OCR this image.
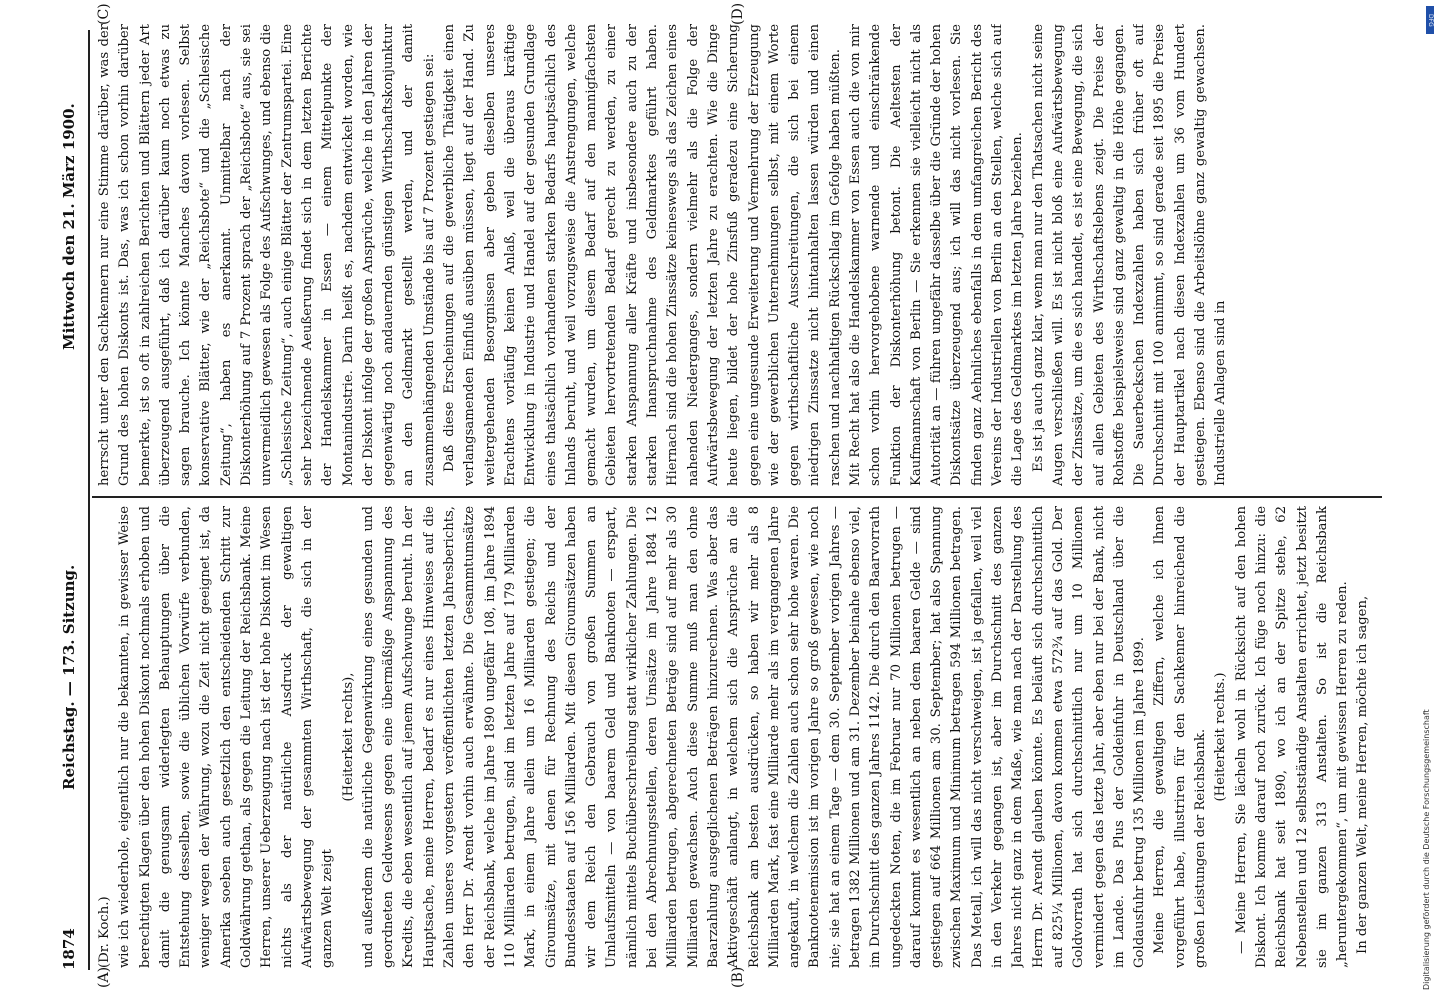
1874
Reichstag. — 173. Sitzung.
Mittwoch den 21. März 1900.
(A)	(B)
(C)	(D)

(Dr. Koch.) wie ich wiederhole, eigentlich nur die bekannten, in gewisser Weise berechtigten Klagen über den hohen Diskont nochmals erhoben und damit die genugsam widerlegten Behauptungen über die Entstehung desselben, sowie die üblichen Vorwürfe verbunden, weniger wegen der Währung, wozu die Zeit nicht geeignet ist, da Amerika soeben auch gesetzlich den entscheidenden Schritt zur Goldwährung gethan, als gegen die Leitung der Reichsbank. Meine Herren, unserer Ueberzeugung nach ist der hohe Diskont im Wesen nichts als der natürliche Ausdruck der gewaltigen Aufwärtsbewegung der gesammten Wirthschaft, die sich in der ganzen Welt zeigt

(Heiterkeit rechts), und außerdem die natürliche Gegenwirkung eines gesunden und geordneten Geldwesens gegen eine übermäßige Anspannung des Kredits, die eben wesentlich auf jenem Aufschwunge beruht. In der Hauptsache, meine Herren, bedarf es nur eines Hinweises auf die Zahlen unseres vorgestern veröffentlichten letzten Jahresberichts, den Herr Dr. Arendt vorhin auch erwähnte. Die Gesammtumsätze der Reichsbank, welche im Jahre 1890 ungefähr 108, im Jahre 1894 110 Milliarden betrugen, sind im letzten Jahre auf 179 Milliarden Mark, in einem Jahre allein um 16 Milliarden gestiegen; die Giroumsätze, mit denen für Rechnung des Reichs und der Bundesstaaten auf 156 Milliarden. Mit diesen Giroumsätzen haben wir dem Reich den Gebrauch von großen Summen an Umlaufsmitteln — von baarem Geld und Banknoten — erspart, nämlich mittels Buchüberschreibung statt wirklicher Zahlungen. Die bei den Abrechnungsstellen, deren Umsätze im Jahre 1884 12 Milliarden betrugen, abgerechneten Beträge sind auf mehr als 30 Milliarden gewachsen. Auch diese Summe muß man den ohne Baarzahlung ausgeglichenen Beträgen hinzurechnen. Was aber das Aktivgeschäft anlangt, in welchem sich die Ansprüche an die Reichsbank am besten ausdrücken, so haben wir mehr als 8 Milliarden Mark, fast eine Milliarde mehr als im vergangenen Jahre angekauft, in welchem die Zahlen auch schon sehr hohe waren. Die Banknotenemission ist im vorigen Jahre so groß gewesen, wie noch nie; sie hat an einem Tage — dem 30. September vorigen Jahres — betragen 1382 Millionen und am 31. Dezember beinahe ebenso viel, im Durchschnitt des ganzen Jahres 1142. Die durch den Baarvorrath ungedeckten Noten, die im Februar nur 70 Millionen betrugen — darauf kommt es wesentlich an neben dem baaren Gelde — sind gestiegen auf 664 Millionen am 30. September; hat also Spannung zwischen Maximum und Minimum betragen 594 Millionen betragen. Das Metall, ich will das nicht verschweigen, ist ja gefallen, weil viel in den Verkehr gegangen ist, aber im Durchschnitt des ganzen Jahres nicht ganz in dem Maße, wie man nach der Darstellung des Herrn Dr. Arendt glauben könnte. Es beläuft sich durchschnittlich auf 825¼ Millionen, davon kommen etwa 572¾ auf das Gold. Der Goldvorrath hat sich durchschnittlich nur um 10 Millionen vermindert gegen das letzte Jahr, aber eben nur bei der Bank, nicht im Lande. Das Plus der Goldeinfuhr in Deutschland über die Goldausfuhr betrug 135 Millionen im Jahre 1899. Meine Herren, die gewaltigen Ziffern, welche ich Ihnen vorgeführt habe, illustriren für den Sachkenner hinreichend die großen Leistungen der Reichsbank. (Heiterkeit rechts.) — Meine Herren, Sie lächeln wohl in Rücksicht auf den hohen Diskont. Ich komme darauf noch zurück. Ich füge noch hinzu: die Reichsbank hat seit 1890, wo ich an der Spitze stehe, 62 Nebenstellen und 12 selbstständige Anstalten errichtet, jetzt besitzt sie im ganzen 313 Anstalten. So ist die Reichsbank „heruntergekommen“, um mit gewissen Herren zu reden. In der ganzen Welt, meine Herren, möchte ich sagen,

herrscht unter den Sachkennern nur eine Stimme darüber, was der Grund des hohen Diskonts ist. Das, was ich schon vorhin darüber bemerkte, ist so oft in zahlreichen Berichten und Blättern jeder Art überzeugend ausgeführt, daß ich darüber kaum noch etwas zu sagen brauche. Ich könnte Manches davon vorlesen. Selbst konservative Blätter, wie der „Reichsbote“ und die „Schlesische Zeitung“, haben es anerkannt. Unmittelbar nach der Diskonterhöhung auf 7 Prozent sprach der „Reichsbote“ aus, sie sei unvermeidlich gewesen als Folge des Aufschwunges, und ebenso die „Schlesische Zeitung“, auch einige Blätter der Zentrumspartei. Eine sehr bezeichnende Aeußerung findet sich in dem letzten Berichte der Handelskammer in Essen — einem Mittelpunkte der Montanindustrie. Darin heißt es, nachdem entwickelt worden, wie der Diskont infolge der großen Ansprüche, welche in den Jahren der gegenwärtig noch andauernden günstigen Wirthschaftskonjunktur an den Geldmarkt gestellt werden, und der damit zusammenhängenden Umstände bis auf 7 Prozent gestiegen sei: Daß diese Erscheinungen auf die gewerbliche Thätigkeit einen verlangsamenden Einfluß ausüben müssen, liegt auf der Hand. Zu weitergehenden Besorgnissen aber geben dieselben unseres Erachtens vorläufig keinen Anlaß, weil die überaus kräftige Entwicklung in Industrie und Handel auf der gesunden Grundlage eines thatsächlich vorhandenen starken Bedarfs hauptsächlich des Inlands beruht, und weil vorzugsweise die Anstrengungen, welche gemacht wurden, um diesem Bedarf auf den mannigfachsten Gebieten hervortretenden Bedarf gerecht zu werden, zu einer starken Anspannung aller Kräfte und insbesondere auch zu der starken Inanspruchnahme des Geldmarktes geführt haben. Hiernach sind die hohen Zinssätze keineswegs als das Zeichen eines nahenden Niederganges, sondern vielmehr als die Folge der Aufwärtsbewegung der letzten Jahre zu erachten. Wie die Dinge heute liegen, bildet der hohe Zinsfuß geradezu eine Sicherung gegen eine ungesunde Erweiterung und Vermehrung der Erzeugung wie der gewerblichen Unternehmungen selbst, mit einem Worte gegen wirthschaftliche Ausschreitungen, die sich bei einem niedrigen Zinssatze nicht hintanhalten lassen würden und einen raschen und nachhaltigen Rückschlag im Gefolge haben müßten. Mit Recht hat also die Handelskammer von Essen auch die von mir schon vorhin hervorgehobene warnende und einschränkende Funktion der Diskonterhöhung betont. Die Aeltesten der Kaufmannschaft von Berlin — Sie erkennen sie vielleicht nicht als Autorität an — führen ungefähr dasselbe über die Gründe der hohen Diskontsätze überzeugend aus; ich will das nicht vorlesen. Sie finden ganz Aehnliches ebenfalls in dem umfangreichen Bericht des Vereins der Industriellen von Berlin an den Stellen, welche sich auf die Lage des Geldmarktes im letzten Jahre beziehen. Es ist ja auch ganz klar, wenn man nur den Thatsachen nicht seine Augen verschließen will. Es ist nicht bloß eine Aufwärtsbewegung der Zinssätze, um die es sich handelt, es ist eine Bewegung, die sich auf allen Gebieten des Wirthschaftslebens zeigt. Die Preise der Rohstoffe beispielsweise sind ganz gewaltig in die Höhe gegangen. Die Sauerbeckschen Indexzahlen haben sich früher oft auf Durchschnitt mit 100 annimmt, so sind gerade seit 1895 die Preise der Hauptartikel nach diesen Indexzahlen um 36 vom Hundert gestiegen. Ebenso sind die Arbeitslöhne ganz gewaltig gewachsen. Industrielle Anlagen sind in

DFG
Digitalisierung gefördert durch die Deutsche Forschungsgemeinschaft
